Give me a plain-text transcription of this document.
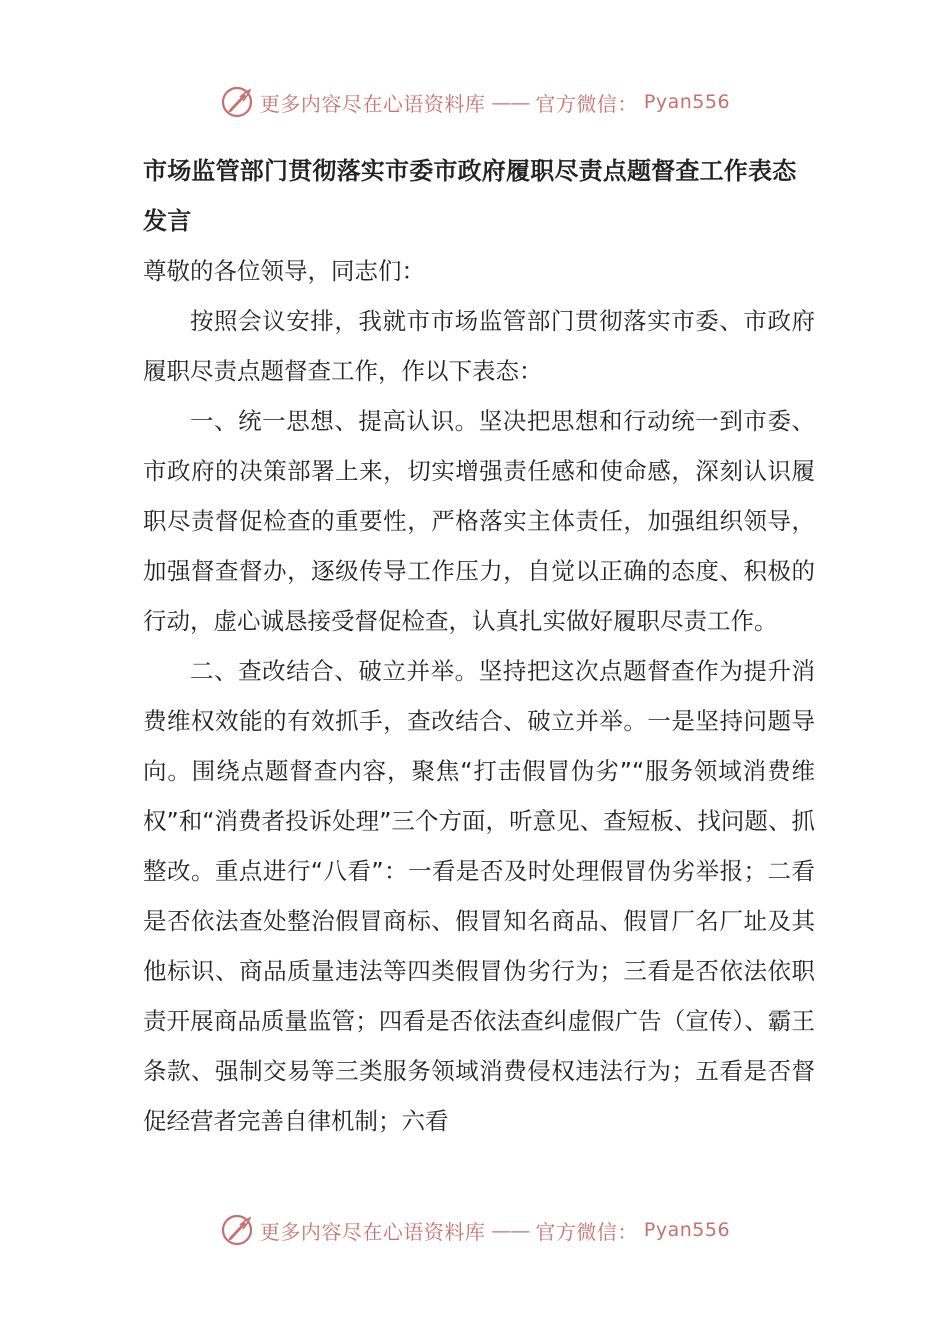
更多内容尽在心语资料库 —— 官方微信： Pyan556
市场监管部门贯彻落实市委市政府履职尽责点题督查工作表态发言

尊敬的各位领导，同志们：

按照会议安排，我就市市场监管部门贯彻落实市委、市政府履职尽责点题督查工作，作以下表态：

一、统一思想、提高认识。坚决把思想和行动统一到市委、市政府的决策部署上来，切实增强责任感和使命感，深刻认识履职尽责督促检查的重要性，严格落实主体责任，加强组织领导，加强督查督办，逐级传导工作压力，自觉以正确的态度、积极的行动，虚心诚恳接受督促检查，认真扎实做好履职尽责工作。

二、查改结合、破立并举。坚持把这次点题督查作为提升消费维权效能的有效抓手，查改结合、破立并举。一是坚持问题导向。围绕点题督查内容，聚焦“打击假冒伪劣”“服务领域消费维权”和“消费者投诉处理”三个方面，听意见、查短板、找问题、抓整改。重点进行“八看”：一看是否及时处理假冒伪劣举报；二看是否依法查处整治假冒商标、假冒知名商品、假冒厂名厂址及其他标识、商品质量违法等四类假冒伪劣行为；三看是否依法依职责开展商品质量监管；四看是否依法查纠虚假广告（宣传）、霸王条款、强制交易等三类服务领域消费侵权违法行为；五看是否督促经营者完善自律机制；六看

更多内容尽在心语资料库 —— 官方微信： Pyan556
